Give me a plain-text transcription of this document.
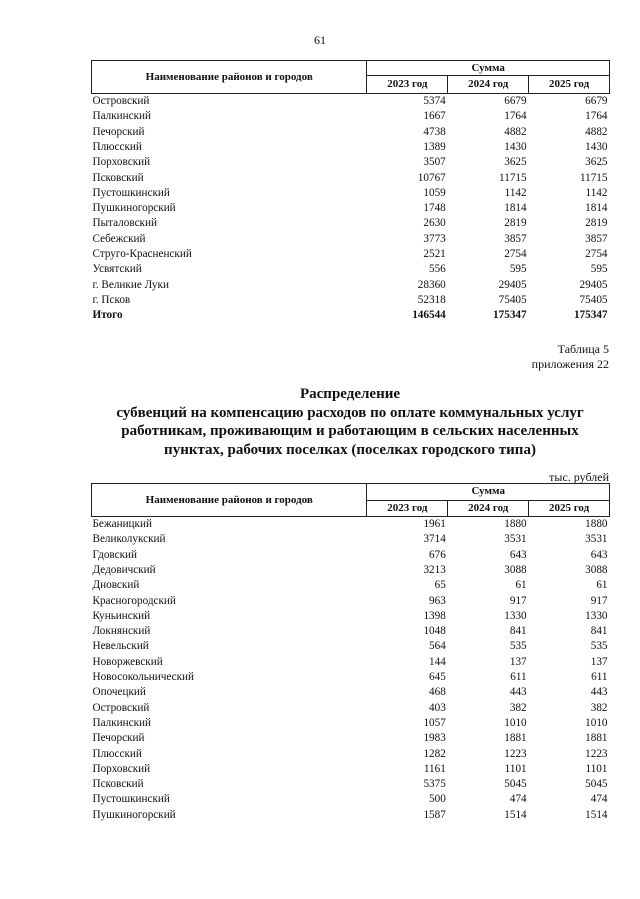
61
Наименование районов и городов	Сумма		
	2023 год	2024 год	2025 год
Островский	5374	6679	6679
Палкинский	1667	1764	1764
Печорский	4738	4882	4882
Плюсский	1389	1430	1430
Порховский	3507	3625	3625
Псковский	10767	11715	11715
Пустошкинский	1059	1142	1142
Пушкиногорский	1748	1814	1814
Пыталовский	2630	2819	2819
Себежский	3773	3857	3857
Струго-Красненский	2521	2754	2754
Усвятский	556	595	595
г. Великие Луки	28360	29405	29405
г. Псков	52318	75405	75405
Итого	146544	175347	175347
Таблица 5
приложения 22
Распределение
субвенций на компенсацию расходов по оплате коммунальных услуг
работникам, проживающим и работающим в сельских населенных
пунктах, рабочих поселках (поселках городского типа)
тыс. рублей
Наименование районов и городов	Сумма		
	2023 год	2024 год	2025 год
Бежаницкий	1961	1880	1880
Великолукский	3714	3531	3531
Гдовский	676	643	643
Дедовичский	3213	3088	3088
Дновский	65	61	61
Красногородский	963	917	917
Куньинский	1398	1330	1330
Локнянский	1048	841	841
Невельский	564	535	535
Новоржевский	144	137	137
Новосокольнический	645	611	611
Опочецкий	468	443	443
Островский	403	382	382
Палкинский	1057	1010	1010
Печорский	1983	1881	1881
Плюсский	1282	1223	1223
Порховский	1161	1101	1101
Псковский	5375	5045	5045
Пустошкинский	500	474	474
Пушкиногорский	1587	1514	1514
